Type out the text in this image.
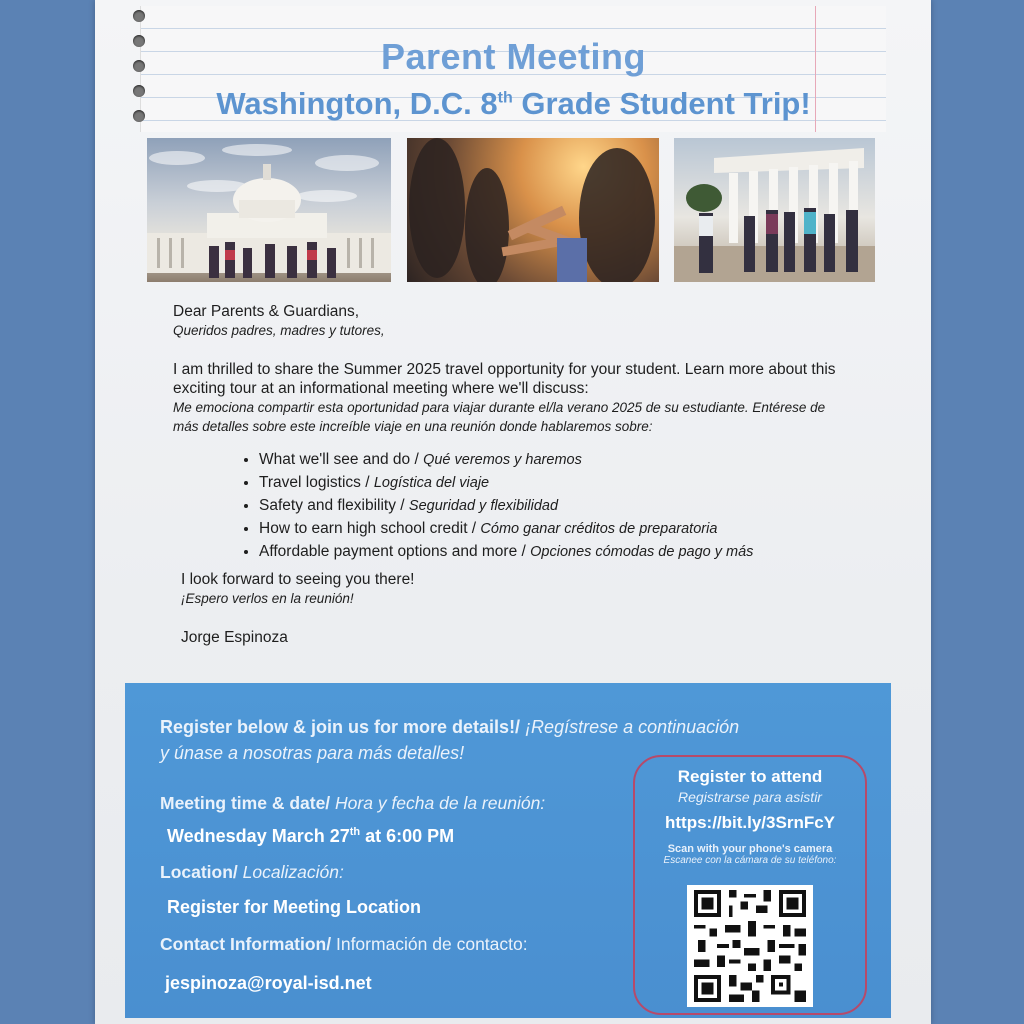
Parent Meeting
Washington, D.C. 8th Grade Student Trip!
Dear Parents & Guardians,
Queridos padres, madres y tutores,
I am thrilled to share the Summer 2025 travel opportunity for your student. Learn more about this exciting tour at an informational meeting where we'll discuss:
Me emociona compartir esta oportunidad para viajar durante el/la verano 2025 de su estudiante. Entérese de más detalles sobre este increíble viaje en una reunión donde hablaremos sobre:
• What we'll see and do / Qué veremos y haremos
• Travel logistics / Logística del viaje
• Safety and flexibility / Seguridad y flexibilidad
• How to earn high school credit / Cómo ganar créditos de preparatoria
• Affordable payment options and more / Opciones cómodas de pago y más
I look forward to seeing you there!
¡Espero verlos en la reunión!
Jorge Espinoza
Register below & join us for more details!/ ¡Regístrese a continuación
y únase a nosotras para más detalles!
Meeting time & date/ Hora y fecha de la reunión:
Wednesday March 27th at 6:00 PM
Location/ Localización:
Register for Meeting Location
Contact Information/ Información de contacto:
jespinoza@royal-isd.net
Register to attend
Registrarse para asistir
https://bit.ly/3SrnFcY
Scan with your phone's camera
Escanee con la cámara de su teléfono:
